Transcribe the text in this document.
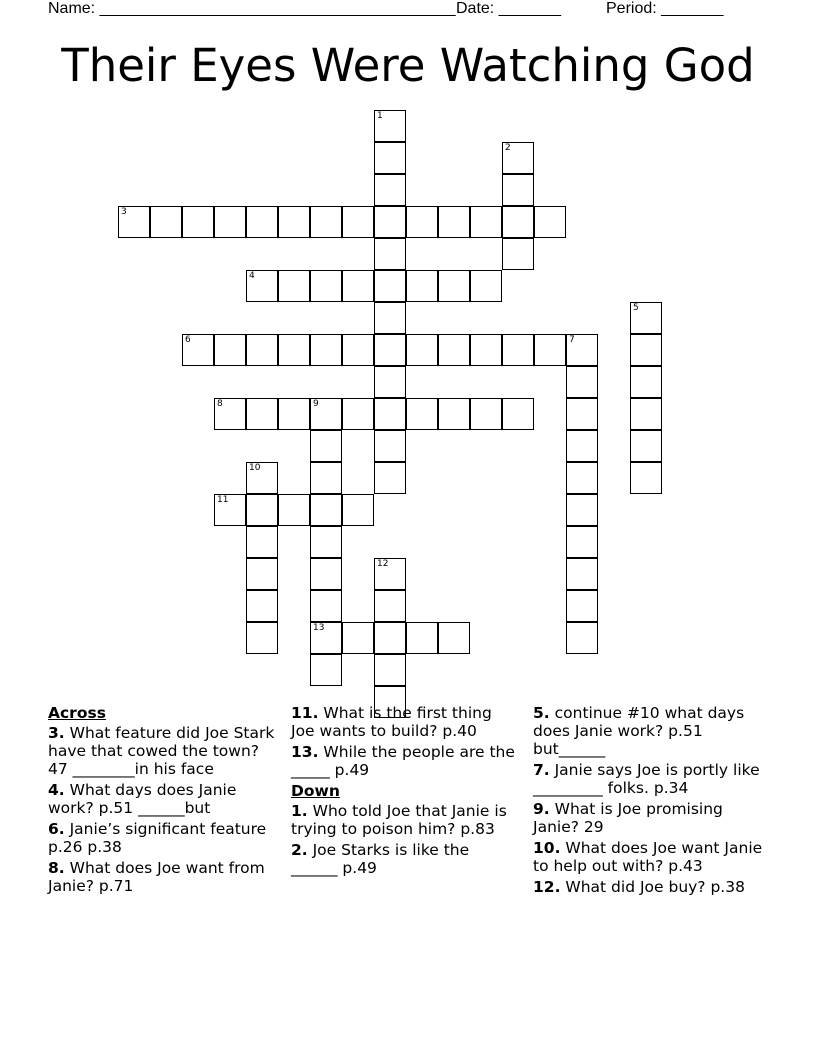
Name: ________________________________________ Date: _______	Period: _______
Their Eyes Were Watching God
1
2
3
4
5
6	7
8	9
10
11
12
13
Across
3. What feature did Joe Stark have that cowed the town? 47 ________in his face
4. What days does Janie work? p.51 ______but
6. Janie’s significant feature p.26 p.38
8. What does Joe want from Janie? p.71
11. What is the first thing Joe wants to build? p.40
13. While the people are the _____ p.49
Down
1. Who told Joe that Janie is trying to poison him? p.83
2. Joe Starks is like the ______ p.49
5. continue #10 what days does Janie work? p.51 but______
7. Janie says Joe is portly like _________ folks. p.34
9. What is Joe promising Janie? 29
10. What does Joe want Janie to help out with? p.43
12. What did Joe buy? p.38
